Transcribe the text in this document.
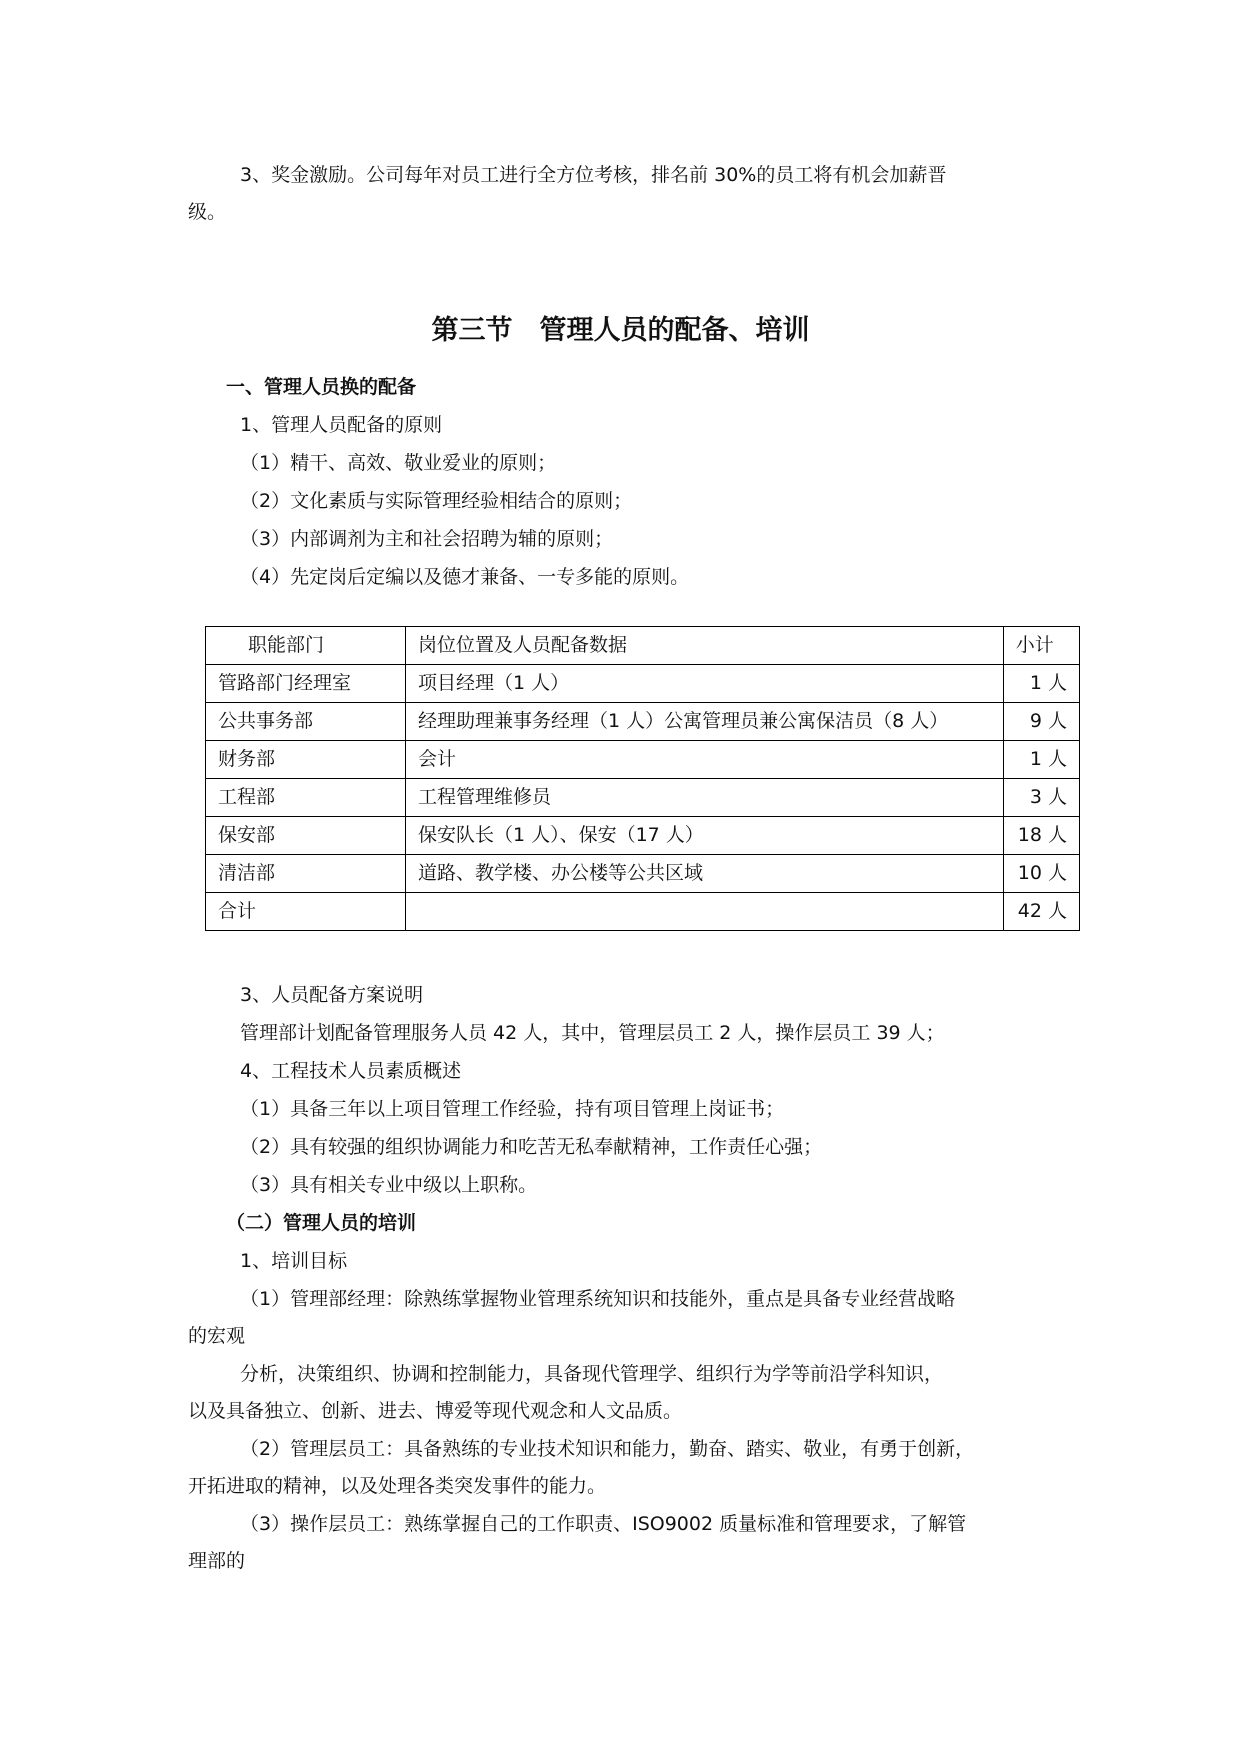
3、奖金激励。公司每年对员工进行全方位考核，排名前 30%的员工将有机会加薪晋
级。
第三节　管理人员的配备、培训
一、管理人员换的配备
1、管理人员配备的原则
（1）精干、高效、敬业爱业的原则；
（2）文化素质与实际管理经验相结合的原则；
（3）内部调剂为主和社会招聘为辅的原则；
（4）先定岗后定编以及德才兼备、一专多能的原则。
职能部门	岗位位置及人员配备数据	小计
管路部门经理室	项目经理（1 人）	1 人
公共事务部	经理助理兼事务经理（1 人）公寓管理员兼公寓保洁员（8 人）	9 人
财务部	会计	1 人
工程部	工程管理维修员	3 人
保安部	保安队长（1 人）、保安（17 人）	18 人
清洁部	道路、教学楼、办公楼等公共区域	10 人
合计		42 人
3、人员配备方案说明
管理部计划配备管理服务人员 42 人，其中，管理层员工 2 人，操作层员工 39 人；
4、工程技术人员素质概述
（1）具备三年以上项目管理工作经验，持有项目管理上岗证书；
（2）具有较强的组织协调能力和吃苦无私奉献精神，工作责任心强；
（3）具有相关专业中级以上职称。
（二）管理人员的培训
1、培训目标
（1）管理部经理：除熟练掌握物业管理系统知识和技能外，重点是具备专业经营战略
的宏观
分析，决策组织、协调和控制能力，具备现代管理学、组织行为学等前沿学科知识，
以及具备独立、创新、进去、博爱等现代观念和人文品质。
（2）管理层员工：具备熟练的专业技术知识和能力，勤奋、踏实、敬业，有勇于创新，
开拓进取的精神，以及处理各类突发事件的能力。
（3）操作层员工：熟练掌握自己的工作职责、ISO9002 质量标准和管理要求，了解管
理部的
